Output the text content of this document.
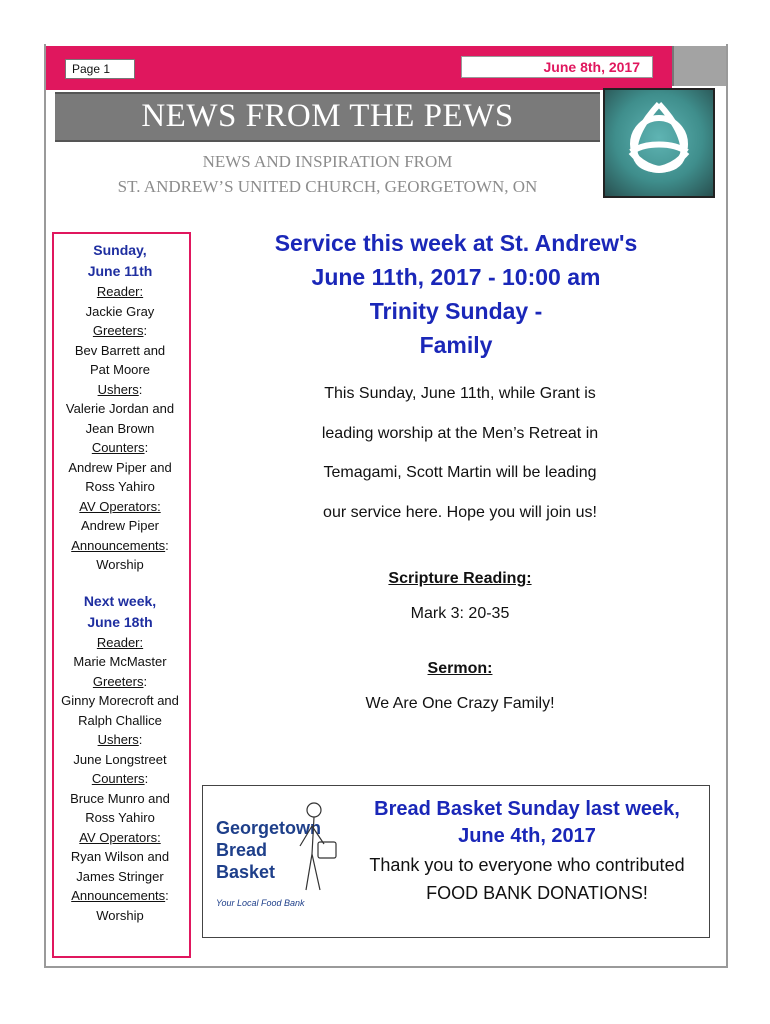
Page 1	June 8th, 2017
NEWS FROM THE PEWS
NEWS AND INSPIRATION FROM
ST. ANDREW’S UNITED CHURCH, GEORGETOWN, ON
Sunday,
June 11th
Reader:
Jackie Gray
Greeters:
Bev Barrett and
Pat Moore
Ushers:
Valerie Jordan and
Jean Brown
Counters:
Andrew Piper and
Ross Yahiro
AV Operators:
Andrew Piper
Announcements:
Worship
Next week,
June 18th
Reader:
Marie McMaster
Greeters:
Ginny Morecroft and
Ralph Challice
Ushers:
June Longstreet
Counters:
Bruce Munro and
Ross Yahiro
AV Operators:
Ryan Wilson and
James Stringer
Announcements:
Worship
Service this week at St. Andrew's
June 11th, 2017 - 10:00 am
Trinity Sunday -
Family
This Sunday, June 11th, while Grant is
leading worship at the Men’s Retreat in
Temagami, Scott Martin will be leading
our service here. Hope you will join us!
Scripture Reading:
Mark 3: 20-35
Sermon:
We Are One Crazy Family!
Georgetown
Bread
Basket
Your Local Food Bank
Bread Basket Sunday last week,
June 4th, 2017
Thank you to everyone who contributed
FOOD BANK DONATIONS!
